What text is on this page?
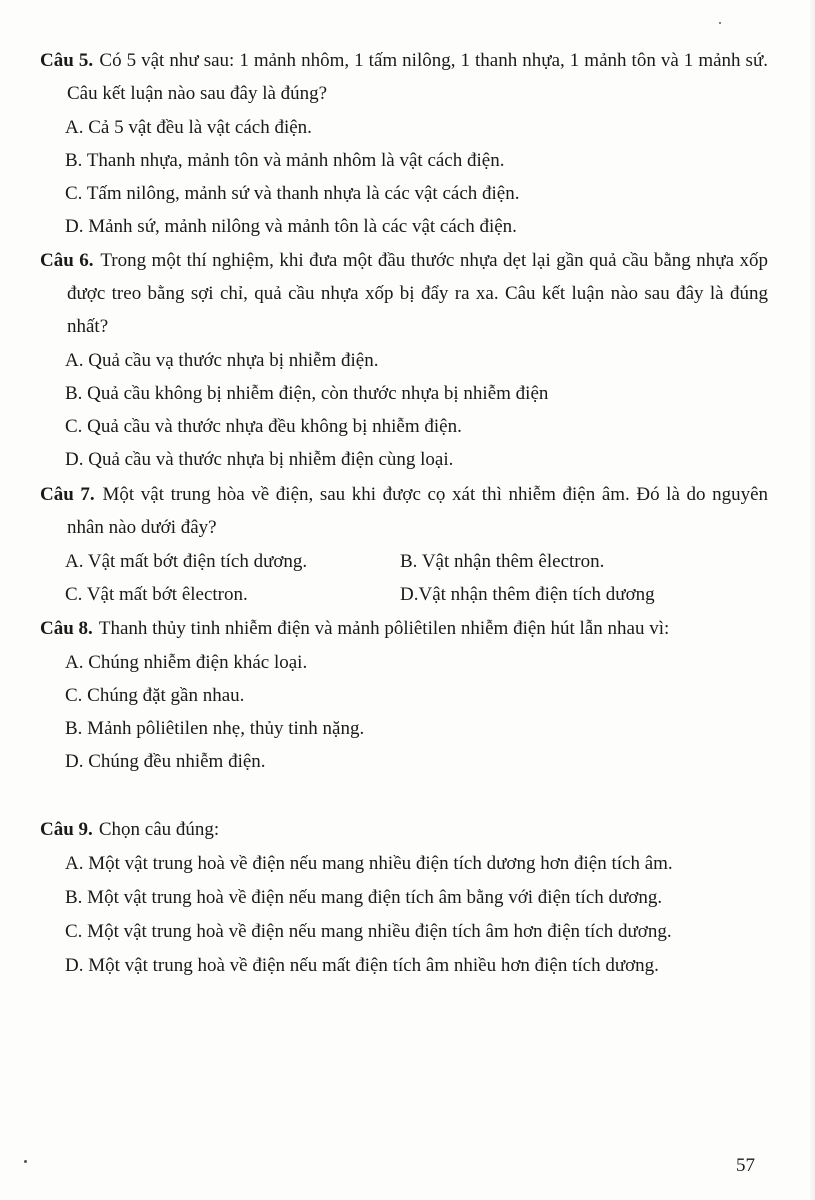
Câu 5. Có 5 vật như sau: 1 mảnh nhôm, 1 tấm nilông, 1 thanh nhựa, 1 mảnh tôn và 1 mảnh sứ. Câu kết luận nào sau đây là đúng?
A. Cả 5 vật đều là vật cách điện.
B. Thanh nhựa, mảnh tôn và mảnh nhôm là vật cách điện.
C. Tấm nilông, mảnh sứ và thanh nhựa là các vật cách điện.
D. Mảnh sứ, mảnh nilông và mảnh tôn là các vật cách điện.
Câu 6. Trong một thí nghiệm, khi đưa một đầu thước nhựa dẹt lại gần quả cầu bằng nhựa xốp được treo bằng sợi chỉ, quả cầu nhựa xốp bị đẩy ra xa. Câu kết luận nào sau đây là đúng nhất?
A. Quả cầu vạ thước nhựa bị nhiễm điện.
B. Quả cầu không bị nhiễm điện, còn thước nhựa bị nhiễm điện
C. Quả cầu và thước nhựa đều không bị nhiễm điện.
D. Quả cầu và thước nhựa bị nhiễm điện cùng loại.
Câu 7. Một vật trung hòa về điện, sau khi được cọ xát thì nhiễm điện âm. Đó là do nguyên nhân nào dưới đây?
A. Vật mất bớt điện tích dương.	B. Vật nhận thêm êlectron.
C. Vật mất bớt êlectron.	D.Vật nhận thêm điện tích dương
Câu 8. Thanh thủy tinh nhiễm điện và mảnh pôliêtilen nhiễm điện hút lẫn nhau vì:
A. Chúng nhiễm điện khác loại.
C. Chúng đặt gần nhau.
B. Mảnh pôliêtilen nhẹ, thủy tinh nặng.
D. Chúng đều nhiễm điện.
Câu 9. Chọn câu đúng:
A. Một vật trung hoà về điện nếu mang nhiều điện tích dương hơn điện tích âm.
B. Một vật trung hoà về điện nếu mang điện tích âm bằng với điện tích dương.
C. Một vật trung hoà về điện nếu mang nhiều điện tích âm hơn điện tích dương.
D. Một vật trung hoà về điện nếu mất điện tích âm nhiều hơn điện tích dương.
57
